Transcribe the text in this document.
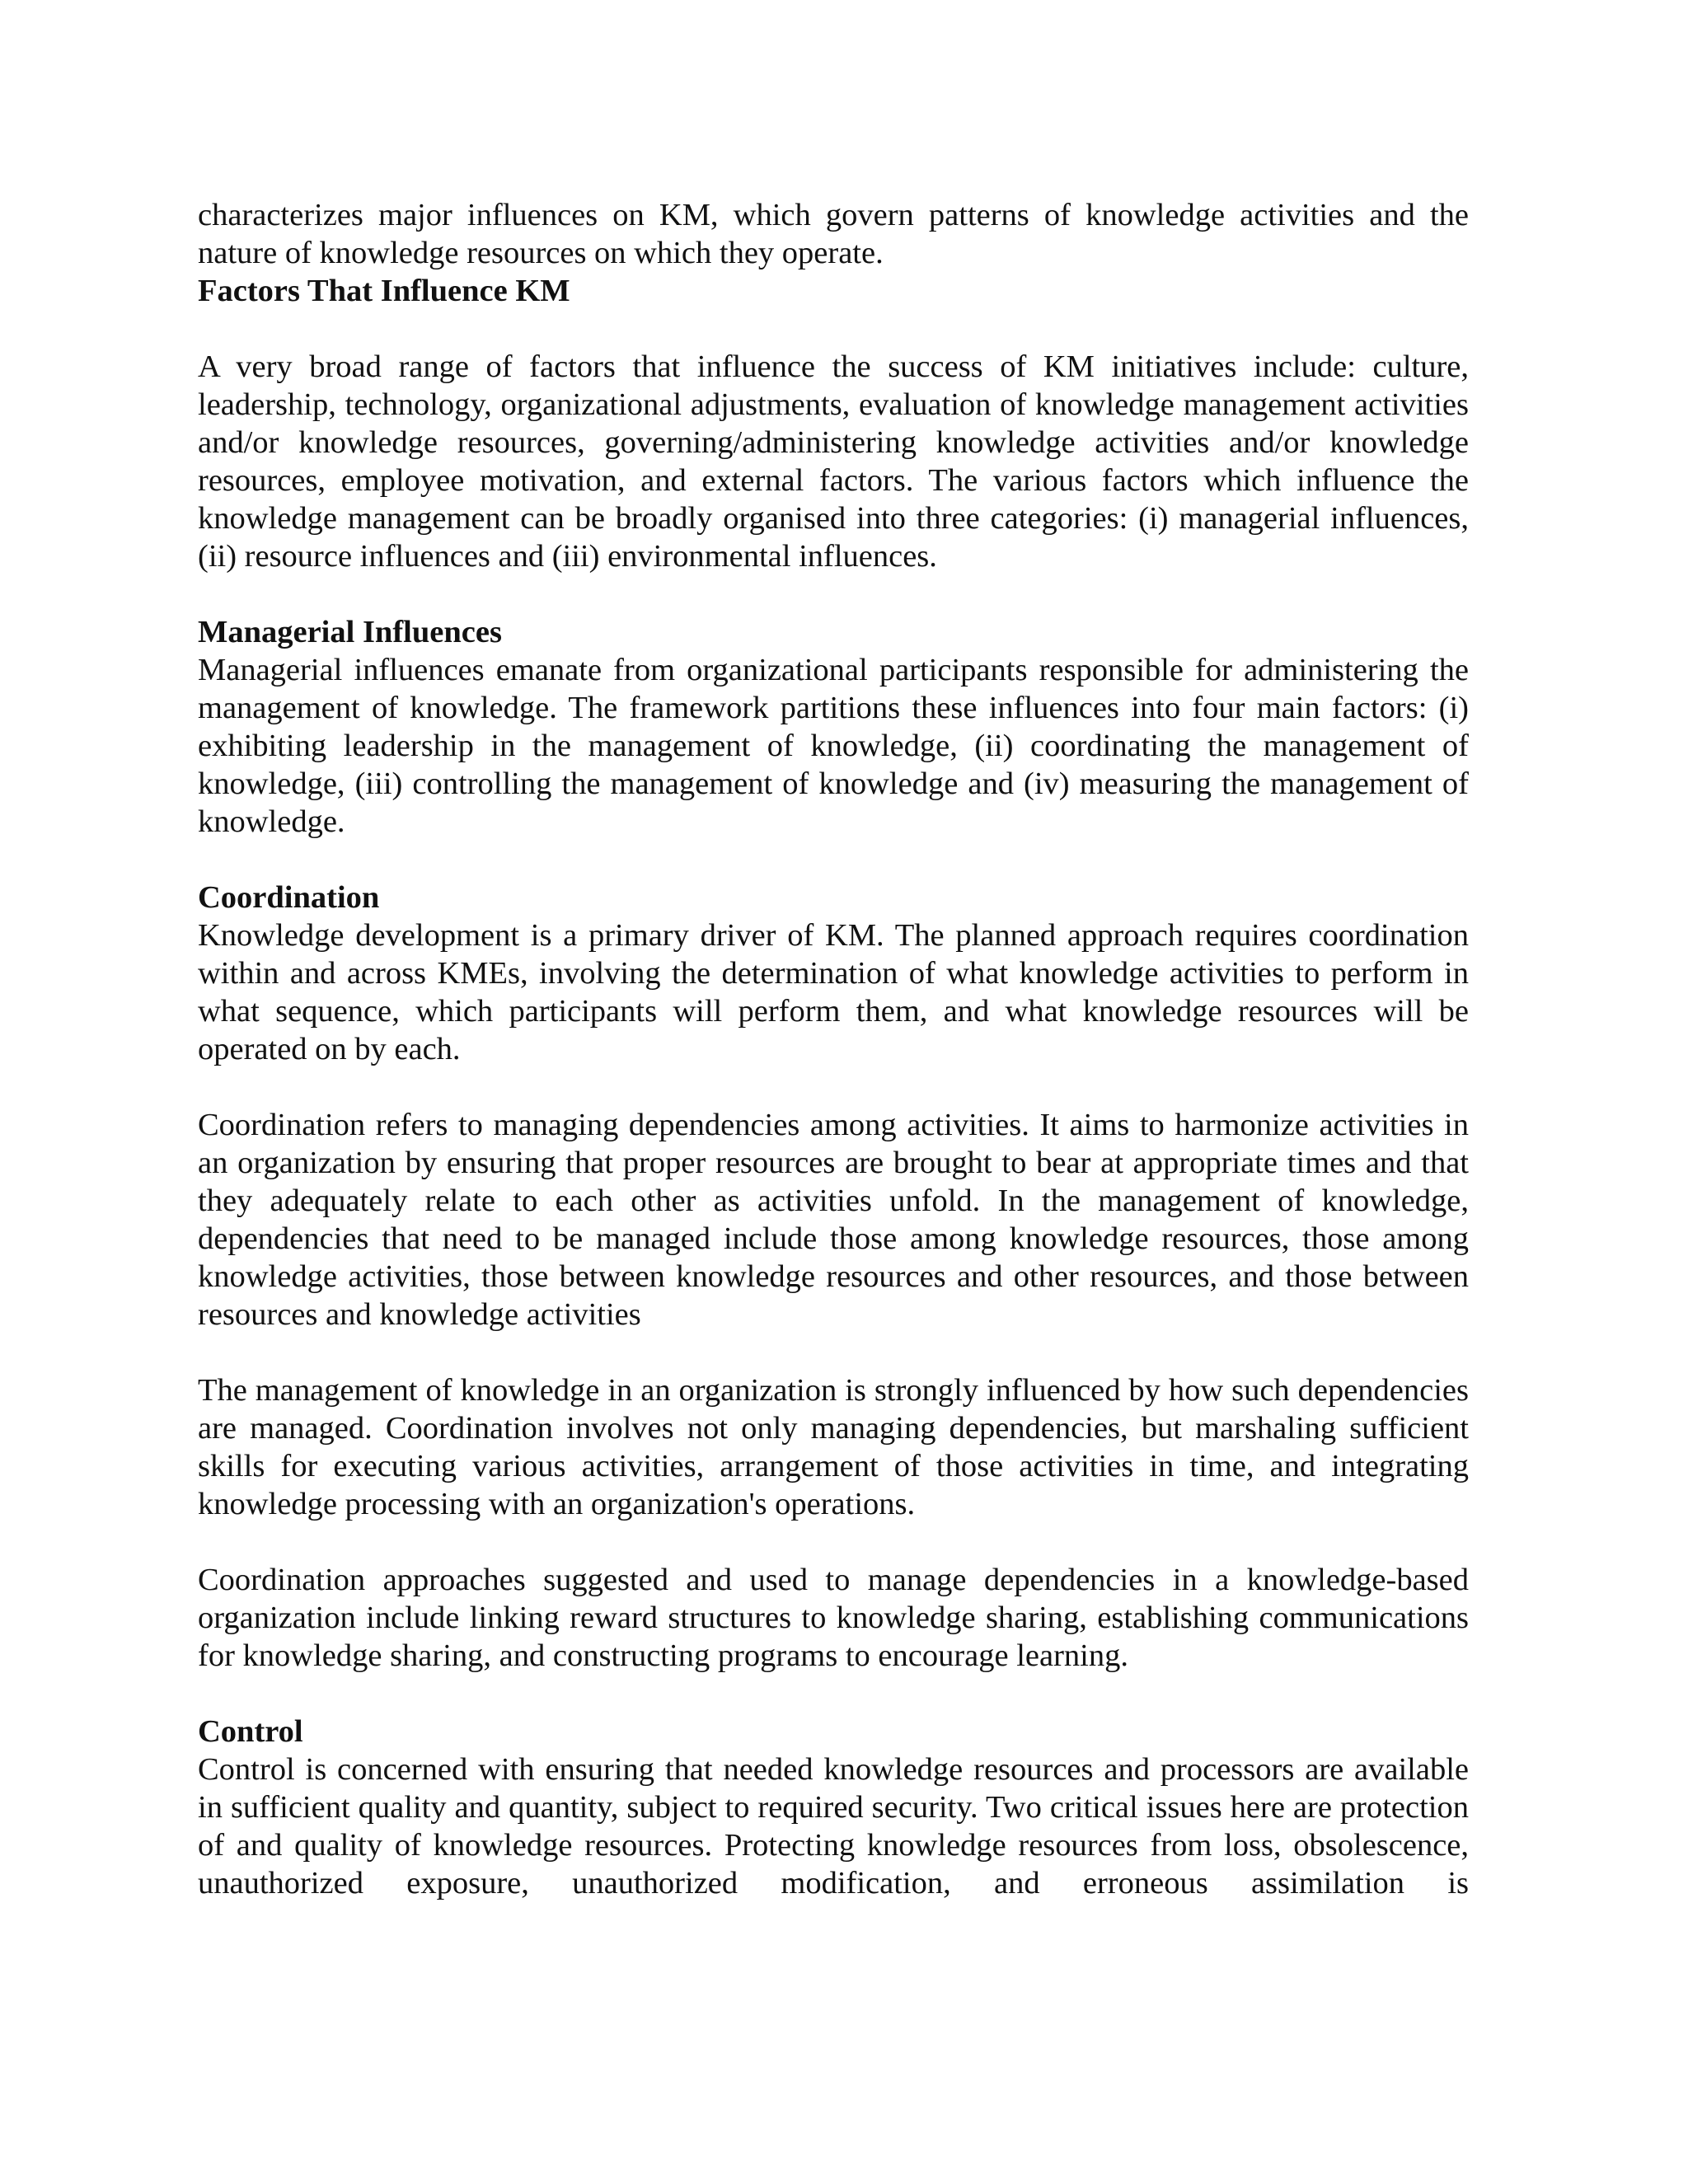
characterizes major influences on KM, which govern patterns of knowledge activities and the nature of knowledge resources on which they operate.

Factors That Influence KM

A very broad range of factors that influence the success of KM initiatives include: culture, leadership, technology, organizational adjustments, evaluation of knowledge management activities and/or knowledge resources, governing/administering knowledge activities and/or knowledge resources, employee motivation, and external factors. The various factors which influence the knowledge management can be broadly organised into three categories: (i) managerial influences, (ii) resource influences and (iii) environmental influences.

Managerial Influences

Managerial influences emanate from organizational participants responsible for administering the management of knowledge. The framework partitions these influences into four main factors: (i) exhibiting leadership in the management of knowledge, (ii) coordinating the management of knowledge, (iii) controlling the management of knowledge and (iv) measuring the management of knowledge.

Coordination

Knowledge development is a primary driver of KM. The planned approach requires coordination within and across KMEs, involving the determination of what knowledge activities to perform in what sequence, which participants will perform them, and what knowledge resources will be operated on by each.

Coordination refers to managing dependencies among activities. It aims to harmonize activities in an organization by ensuring that proper resources are brought to bear at appropriate times and that they adequately relate to each other as activities unfold. In the management of knowledge, dependencies that need to be managed include those among knowledge resources, those among knowledge activities, those between knowledge resources and other resources, and those between resources and knowledge activities

The management of knowledge in an organization is strongly influenced by how such dependencies are managed. Coordination involves not only managing dependencies, but marshaling sufficient skills for executing various activities, arrangement of those activities in time, and integrating knowledge processing with an organization's operations.

Coordination approaches suggested and used to manage dependencies in a knowledge-based organization include linking reward structures to knowledge sharing, establishing communications for knowledge sharing, and constructing programs to encourage learning.

Control

Control is concerned with ensuring that needed knowledge resources and processors are available in sufficient quality and quantity, subject to required security. Two critical issues here are protection of and quality of knowledge resources. Protecting knowledge resources from loss, obsolescence, unauthorized exposure, unauthorized modification, and erroneous assimilation is
